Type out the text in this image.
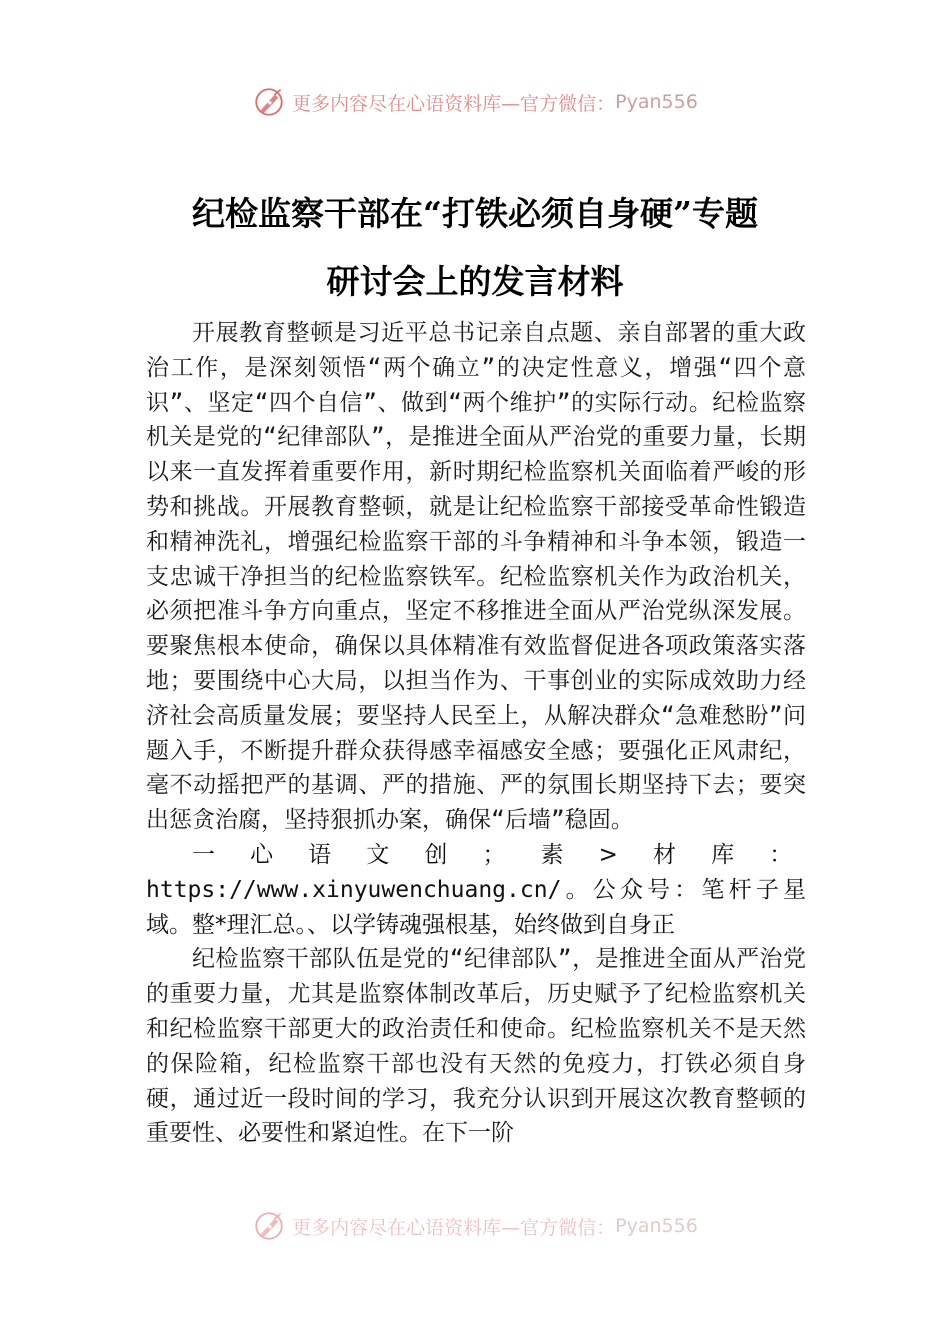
更多内容尽在心语资料库—官方微信： Pyan556
纪检监察干部在“打铁必须自身硬”专题
研讨会上的发言材料

开展教育整顿是习近平总书记亲自点题、亲自部署的重大政治工作，是深刻领悟“两个确立”的决定性意义，增强“四个意识”、坚定“四个自信”、做到“两个维护”的实际行动。纪检监察机关是党的“纪律部队”，是推进全面从严治党的重要力量，长期以来一直发挥着重要作用，新时期纪检监察机关面临着严峻的形势和挑战。开展教育整顿，就是让纪检监察干部接受革命性锻造和精神洗礼，增强纪检监察干部的斗争精神和斗争本领，锻造一支忠诚干净担当的纪检监察铁军。纪检监察机关作为政治机关，必须把准斗争方向重点，坚定不移推进全面从严治党纵深发展。要聚焦根本使命，确保以具体精准有效监督促进各项政策落实落地；要围绕中心大局，以担当作为、干事创业的实际成效助力经济社会高质量发展；要坚持人民至上，从解决群众“急难愁盼”问题入手，不断提升群众获得感幸福感安全感；要强化正风肃纪，毫不动摇把严的基调、严的措施、严的氛围长期坚持下去；要突出惩贪治腐，坚持狠抓办案，确保“后墙”稳固。

一心语文创；素>材库：https://www.xinyuwenchuang.cn/。公众号：笔杆子星域。整*理汇总。、以学铸魂强根基，始终做到自身正

纪检监察干部队伍是党的“纪律部队”，是推进全面从严治党的重要力量，尤其是监察体制改革后，历史赋予了纪检监察机关和纪检监察干部更大的政治责任和使命。纪检监察机关不是天然的保险箱，纪检监察干部也没有天然的免疫力，打铁必须自身硬，通过近一段时间的学习，我充分认识到开展这次教育整顿的重要性、必要性和紧迫性。在下一阶

更多内容尽在心语资料库—官方微信： Pyan556
